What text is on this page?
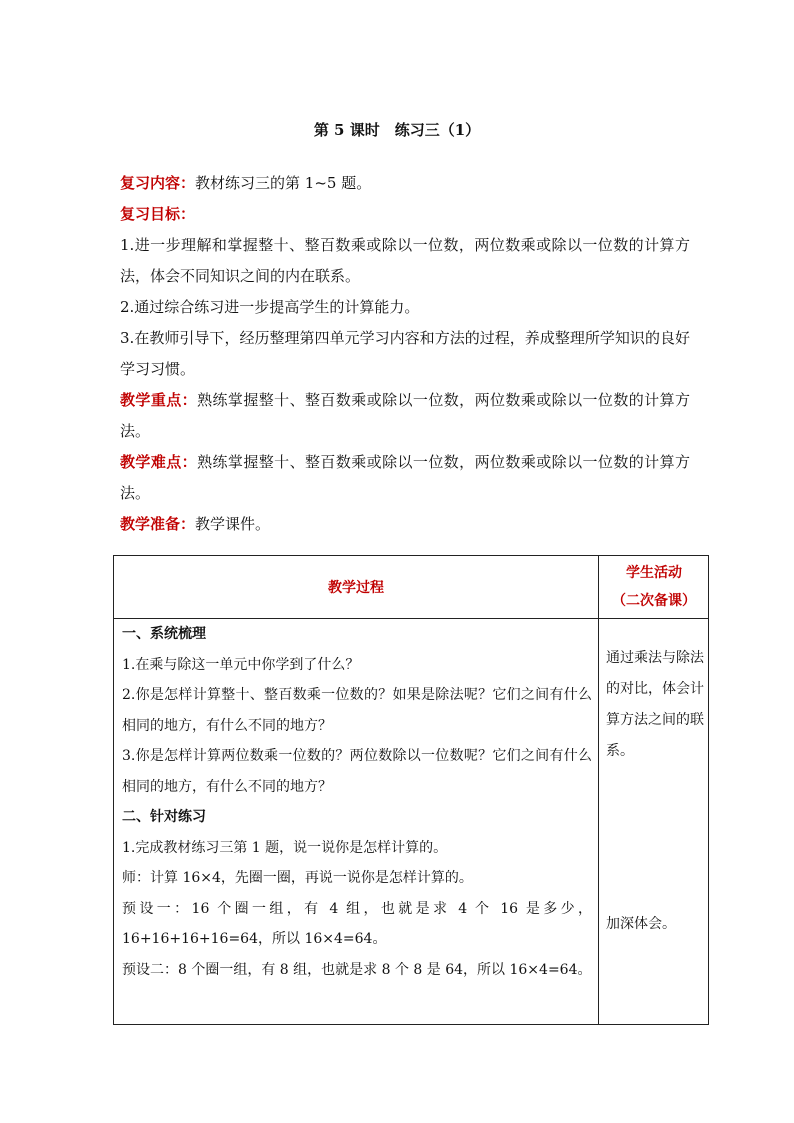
第 5 课时　练习三（1）

复习内容：教材练习三的第 1~5 题。

复习目标：

1.进一步理解和掌握整十、整百数乘或除以一位数，两位数乘或除以一位数的计算方法，体会不同知识之间的内在联系。

2.通过综合练习进一步提高学生的计算能力。

3.在教师引导下，经历整理第四单元学习内容和方法的过程，养成整理所学知识的良好学习习惯。

教学重点：熟练掌握整十、整百数乘或除以一位数，两位数乘或除以一位数的计算方法。

教学难点：熟练掌握整十、整百数乘或除以一位数，两位数乘或除以一位数的计算方法。

教学准备：教学课件。

教学过程
学生活动
（二次备课）

一、系统梳理

1.在乘与除这一单元中你学到了什么？

2.你是怎样计算整十、整百数乘一位数的？如果是除法呢？它们之间有什么相同的地方，有什么不同的地方？

3.你是怎样计算两位数乘一位数的？两位数除以一位数呢？它们之间有什么相同的地方，有什么不同的地方？

二、针对练习

1.完成教材练习三第 1 题，说一说你是怎样计算的。

师：计算 16×4，先圈一圈，再说一说你是怎样计算的。

预设一：16 个圈一组，有 4 组，也就是求 4 个 16 是多少，16+16+16+16=64，所以 16×4=64。

预设二：8 个圈一组，有 8 组，也就是求 8 个 8 是 64，所以 16×4=64。

通过乘法与除法的对比，体会计算方法之间的联系。
加深体会。
